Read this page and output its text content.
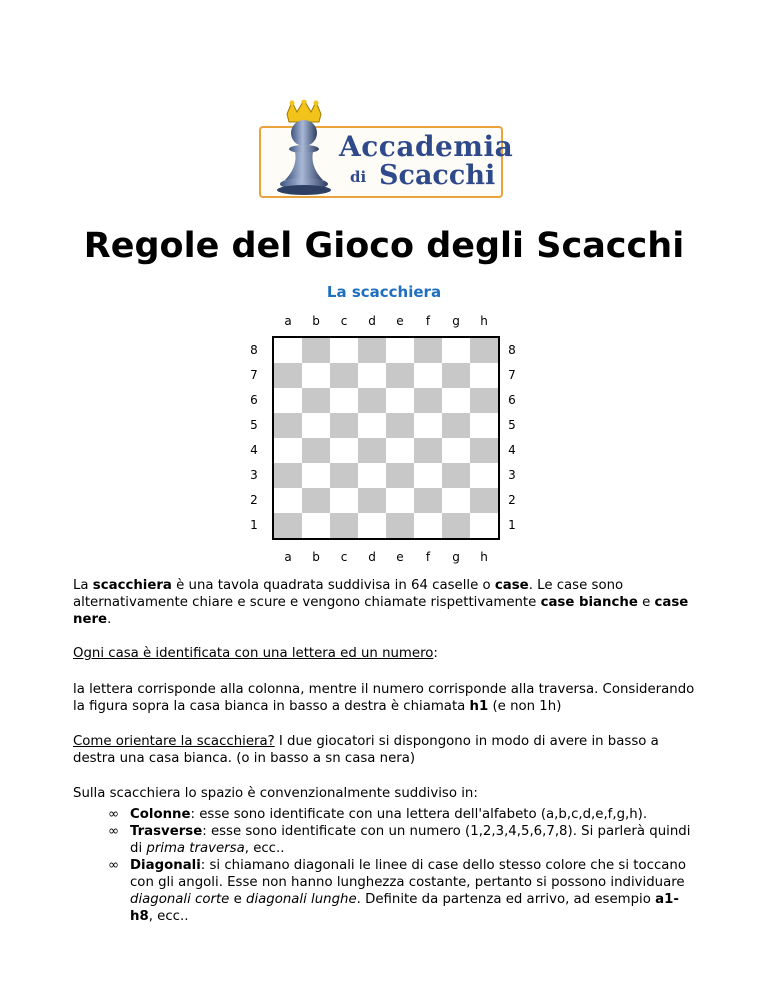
Accademia
di Scacchi
Regole del Gioco degli Scacchi
La scacchiera
a	b	c	d	e	f	g	h
a	b	c	d	e	f	g	h
8
7
6
5
4
3
2
1
8
7
6
5
4
3
2
1

La scacchiera è una tavola quadrata suddivisa in 64 caselle o case. Le case sono alternativamente chiare e scure e vengono chiamate rispettivamente case bianche e case nere.

Ogni casa è identificata con una lettera ed un numero:

la lettera corrisponde alla colonna, mentre il numero corrisponde alla traversa. Considerando la figura sopra la casa bianca in basso a destra è chiamata h1 (e non 1h)

Come orientare la scacchiera? I due giocatori si dispongono in modo di avere in basso a destra una casa bianca. (o in basso a sn casa nera)

Sulla scacchiera lo spazio è convenzionalmente suddiviso in:

∞ Colonne: esse sono identificate con una lettera dell'alfabeto (a,b,c,d,e,f,g,h).
∞ Trasverse: esse sono identificate con un numero (1,2,3,4,5,6,7,8). Si parlerà quindi di prima traversa, ecc..
∞ Diagonali: si chiamano diagonali le linee di case dello stesso colore che si toccano con gli angoli. Esse non hanno lunghezza costante, pertanto si possono individuare diagonali corte e diagonali lunghe. Definite da partenza ed arrivo, ad esempio a1-h8, ecc..
